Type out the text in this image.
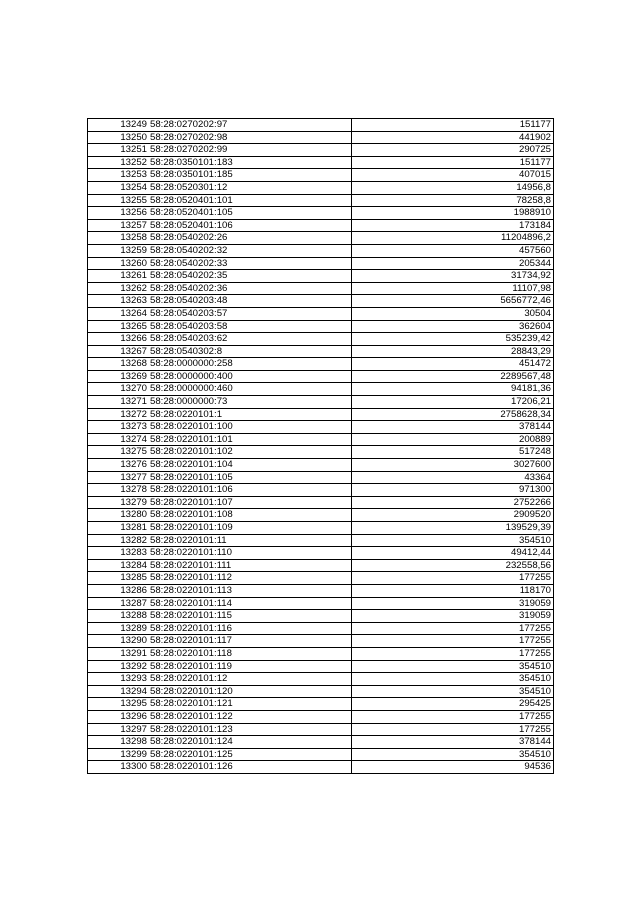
13249	58:28:0270202:97	151177
13250	58:28:0270202:98	441902
13251	58:28:0270202:99	290725
13252	58:28:0350101:183	151177
13253	58:28:0350101:185	407015
13254	58:28:0520301:12	14956,8
13255	58:28:0520401:101	78258,8
13256	58:28:0520401:105	1988910
13257	58:28:0520401:106	173184
13258	58:28:0540202:26	11204896,2
13259	58:28:0540202:32	457560
13260	58:28:0540202:33	205344
13261	58:28:0540202:35	31734,92
13262	58:28:0540202:36	11107,98
13263	58:28:0540203:48	5656772,46
13264	58:28:0540203:57	30504
13265	58:28:0540203:58	362604
13266	58:28:0540203:62	535239,42
13267	58:28:0540302:8	28843,29
13268	58:28:0000000:258	451472
13269	58:28:0000000:400	2289567,48
13270	58:28:0000000:460	94181,36
13271	58:28:0000000:73	17206,21
13272	58:28:0220101:1	2758628,34
13273	58:28:0220101:100	378144
13274	58:28:0220101:101	200889
13275	58:28:0220101:102	517248
13276	58:28:0220101:104	3027600
13277	58:28:0220101:105	43364
13278	58:28:0220101:106	971300
13279	58:28:0220101:107	2752266
13280	58:28:0220101:108	2909520
13281	58:28:0220101:109	139529,39
13282	58:28:0220101:11	354510
13283	58:28:0220101:110	49412,44
13284	58:28:0220101:111	232558,56
13285	58:28:0220101:112	177255
13286	58:28:0220101:113	118170
13287	58:28:0220101:114	319059
13288	58:28:0220101:115	319059
13289	58:28:0220101:116	177255
13290	58:28:0220101:117	177255
13291	58:28:0220101:118	177255
13292	58:28:0220101:119	354510
13293	58:28:0220101:12	354510
13294	58:28:0220101:120	354510
13295	58:28:0220101:121	295425
13296	58:28:0220101:122	177255
13297	58:28:0220101:123	177255
13298	58:28:0220101:124	378144
13299	58:28:0220101:125	354510
13300	58:28:0220101:126	94536
